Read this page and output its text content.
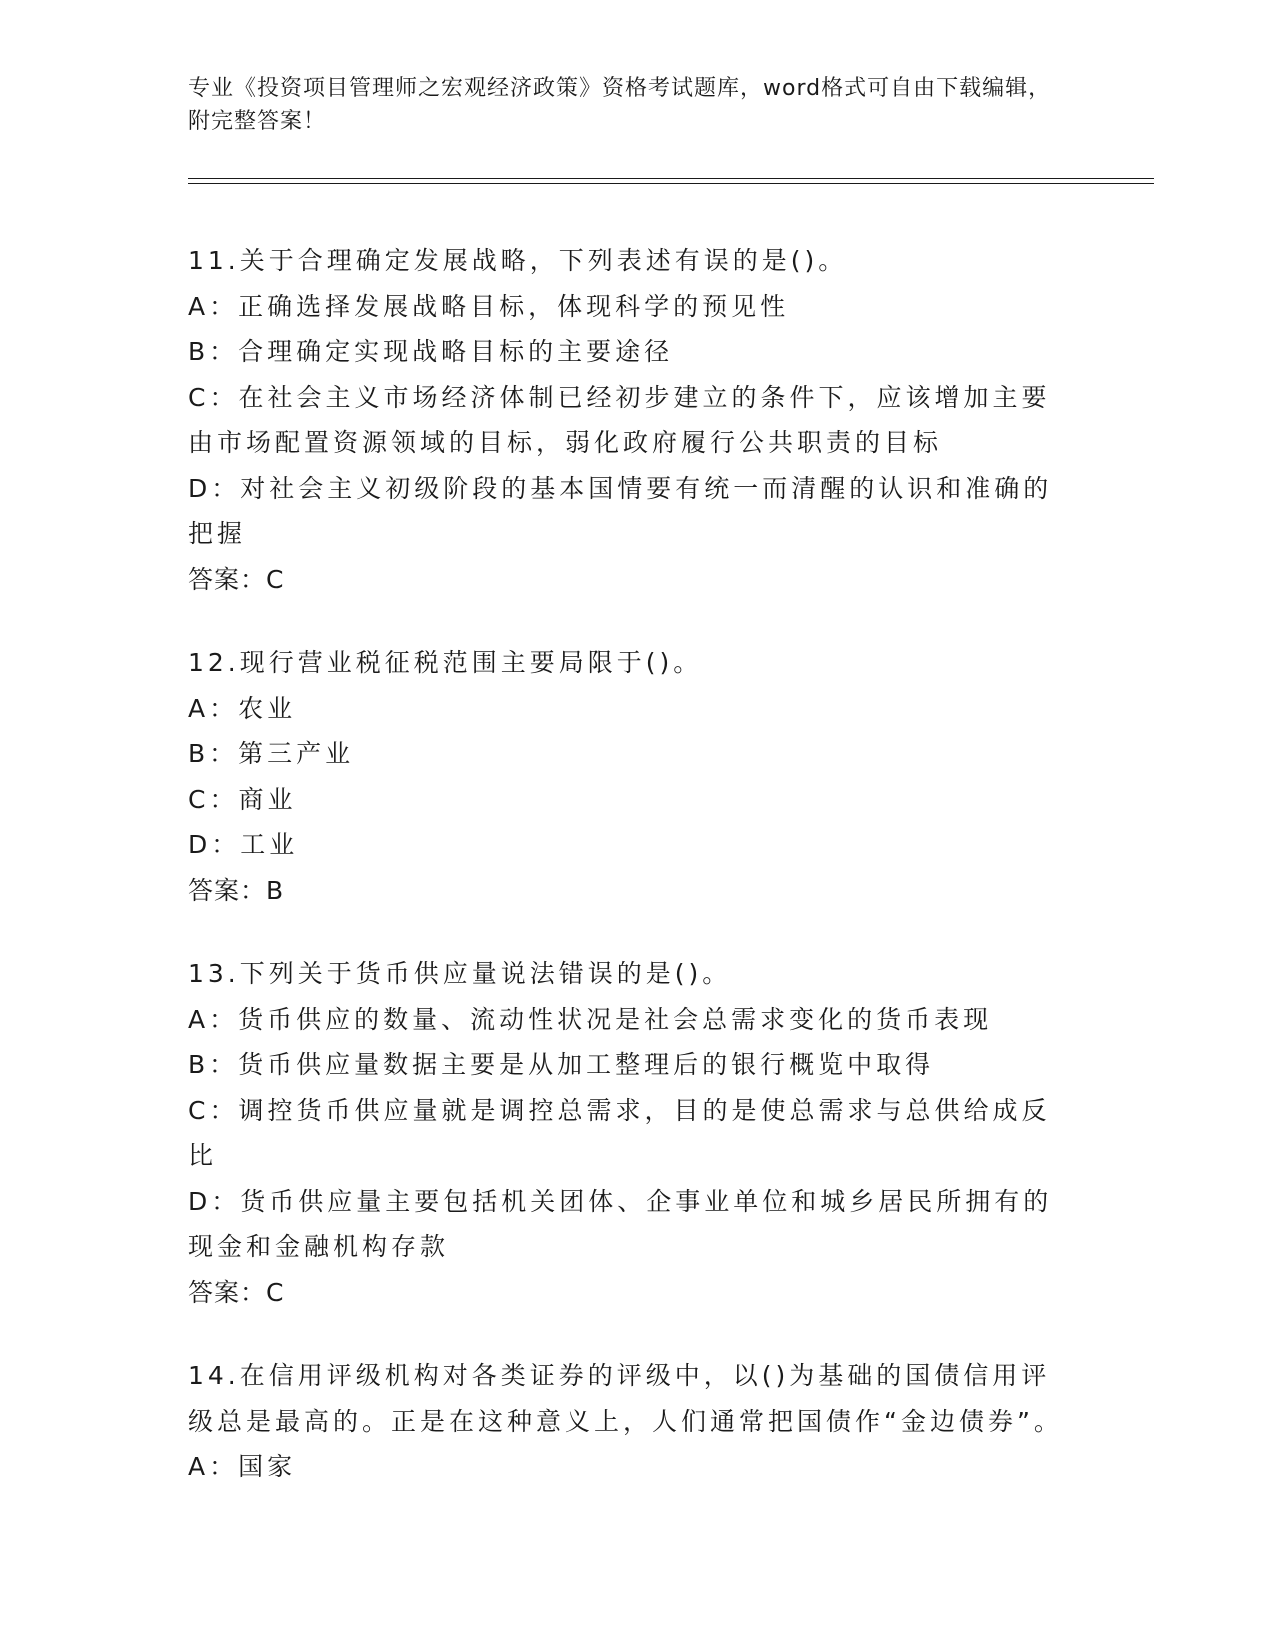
专业《投资项目管理师之宏观经济政策》资格考试题库，word格式可自由下载编辑，附完整答案！

11.关于合理确定发展战略，下列表述有误的是()。

A：正确选择发展战略目标，体现科学的预见性

B：合理确定实现战略目标的主要途径

C：在社会主义市场经济体制已经初步建立的条件下，应该增加主要由市场配置资源领域的目标，弱化政府履行公共职责的目标

D：对社会主义初级阶段的基本国情要有统一而清醒的认识和准确的把握

答案：C

12.现行营业税征税范围主要局限于()。

A：农业

B：第三产业

C：商业

D：工业

答案：B

13.下列关于货币供应量说法错误的是()。

A：货币供应的数量、流动性状况是社会总需求变化的货币表现

B：货币供应量数据主要是从加工整理后的银行概览中取得

C：调控货币供应量就是调控总需求，目的是使总需求与总供给成反比

D：货币供应量主要包括机关团体、企事业单位和城乡居民所拥有的现金和金融机构存款

答案：C

14.在信用评级机构对各类证券的评级中，以()为基础的国债信用评级总是最高的。正是在这种意义上，人们通常把国债作“金边债券”。

A：国家
